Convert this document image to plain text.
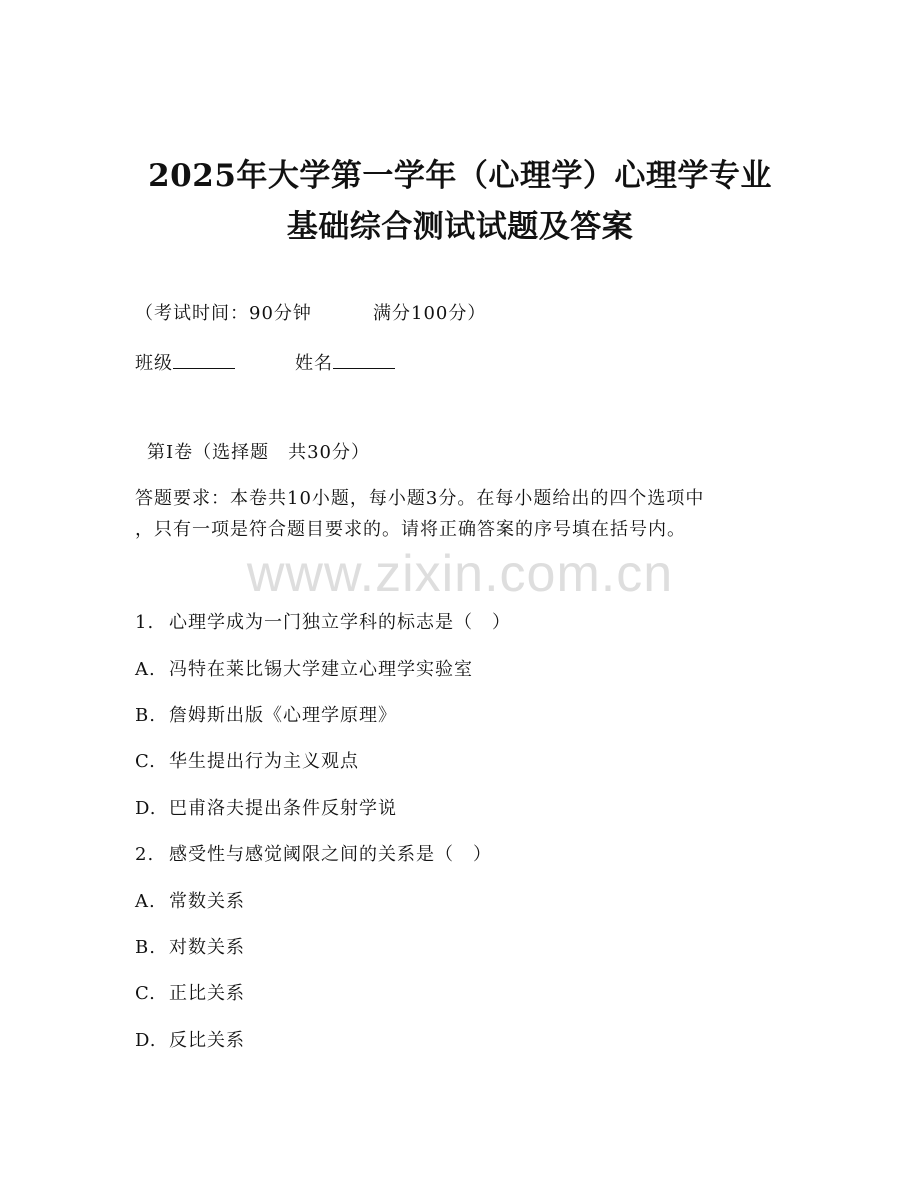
2025年大学第一学年（心理学）心理学专业
基础综合测试试题及答案
（考试时间：90分钟	满分100分）
班级	姓名
第Ⅰ卷（选择题　共30分）
答题要求：本卷共10小题，每小题3分。在每小题给出的四个选项中
，只有一项是符合题目要求的。请将正确答案的序号填在括号内。
www.zixin.com.cn
1. 心理学成为一门独立学科的标志是（　）
A. 冯特在莱比锡大学建立心理学实验室
B. 詹姆斯出版《心理学原理》
C. 华生提出行为主义观点
D. 巴甫洛夫提出条件反射学说
2. 感受性与感觉阈限之间的关系是（　）
A. 常数关系
B. 对数关系
C. 正比关系
D. 反比关系
